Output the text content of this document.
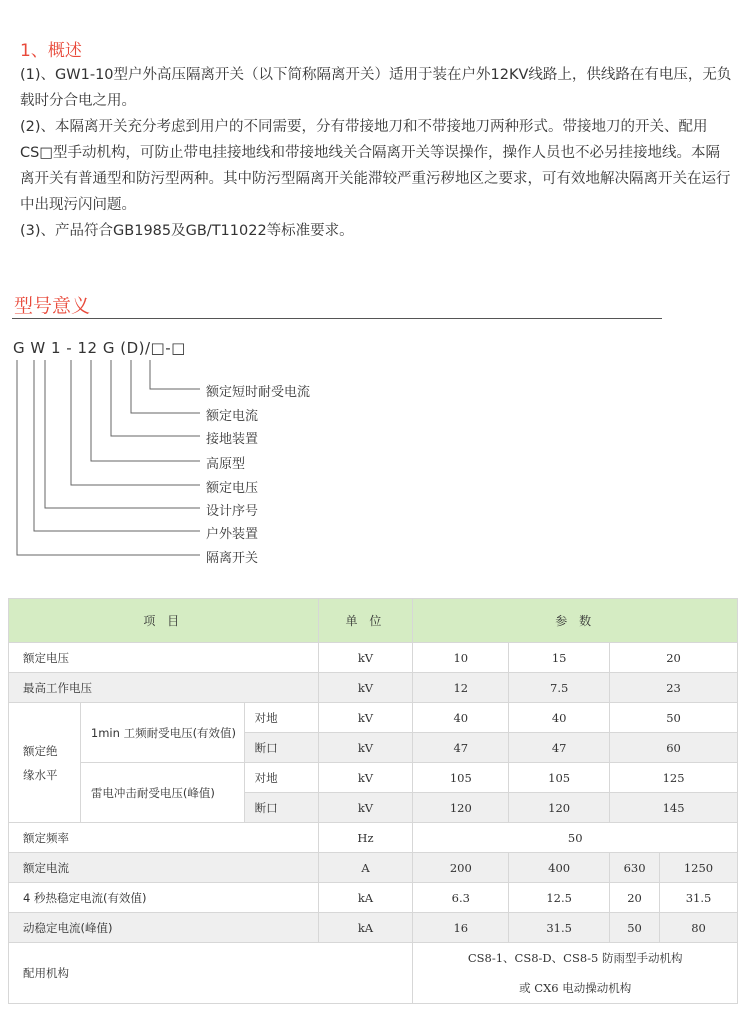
1、概述
(1)、GW1-10型户外高压隔离开关（以下简称隔离开关）适用于装在户外12KV线路上，供线路在有电压，无负载时分合电之用。
(2)、本隔离开关充分考虑到用户的不同需要，分有带接地刀和不带接地刀两种形式。带接地刀的开关、配用CS□型手动机构，可防止带电挂接地线和带接地线关合隔离开关等误操作，操作人员也不必另挂接地线。本隔离开关有普通型和防污型两种。其中防污型隔离开关能滞较严重污秽地区之要求，可有效地解决隔离开关在运行中出现污闪问题。
(3)、产品符合GB1985及GB/T11022等标准要求。
型号意义
G W 1 - 12 G (D)/□-□
额定短时耐受电流
额定电流
接地装置
高原型
额定电压
设计序号
户外装置
隔离开关
项 目			单 位	参 数			
额定电压			kV	10	15	20	
最高工作电压			kV	12	7.5	23	
额定绝
缘水平	1min 工频耐受电压(有效值)	对地	kV	40	40	50	
		断口	kV	47	47	60	
	雷电冲击耐受电压(峰值)	对地	kV	105	105	125	
		断口	kV	120	120	145	
额定频率			Hz	50			
额定电流			A	200	400	630	1250
4 秒热稳定电流(有效值)			kA	6.3	12.5	20	31.5
动稳定电流(峰值)			kA	16	31.5	50	80
配用机构				CS8-1、CS8-D、CS8-5 防雨型手动机构
或 CX6 电动操动机构			
